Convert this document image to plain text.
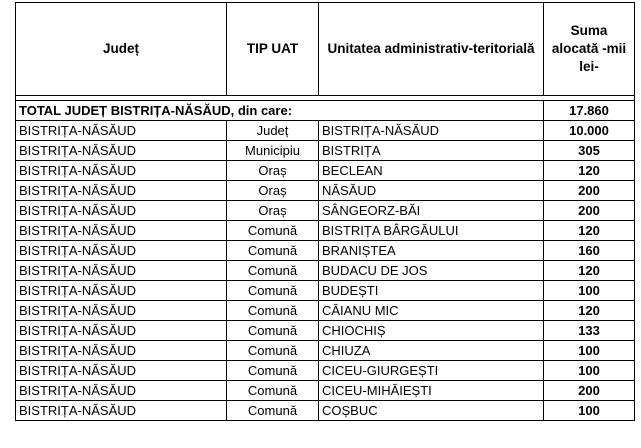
Județ	TIP UAT	Unitatea administrativ-teritorială	Suma alocată -mii lei-

TOTAL JUDEȚ BISTRIȚA-NĂSĂUD, din care:			17.860
BISTRIȚA-NĂSĂUD	Județ	BISTRIȚA-NĂSĂUD	10.000
BISTRIȚA-NĂSĂUD	Municipiu	BISTRIȚA	305
BISTRIȚA-NĂSĂUD	Oraș	BECLEAN	120
BISTRIȚA-NĂSĂUD	Oraș	NĂSĂUD	200
BISTRIȚA-NĂSĂUD	Oraș	SÂNGEORZ-BĂI	200
BISTRIȚA-NĂSĂUD	Comună	BISTRIȚA BÂRGĂULUI	120
BISTRIȚA-NĂSĂUD	Comună	BRANIȘTEA	160
BISTRIȚA-NĂSĂUD	Comună	BUDACU DE JOS	120
BISTRIȚA-NĂSĂUD	Comună	BUDEȘTI	100
BISTRIȚA-NĂSĂUD	Comună	CĂIANU MIC	120
BISTRIȚA-NĂSĂUD	Comună	CHIOCHIȘ	133
BISTRIȚA-NĂSĂUD	Comună	CHIUZA	100
BISTRIȚA-NĂSĂUD	Comună	CICEU-GIURGEȘTI	100
BISTRIȚA-NĂSĂUD	Comună	CICEU-MIHĂIEȘTI	200
BISTRIȚA-NĂSĂUD	Comună	COȘBUC	100
